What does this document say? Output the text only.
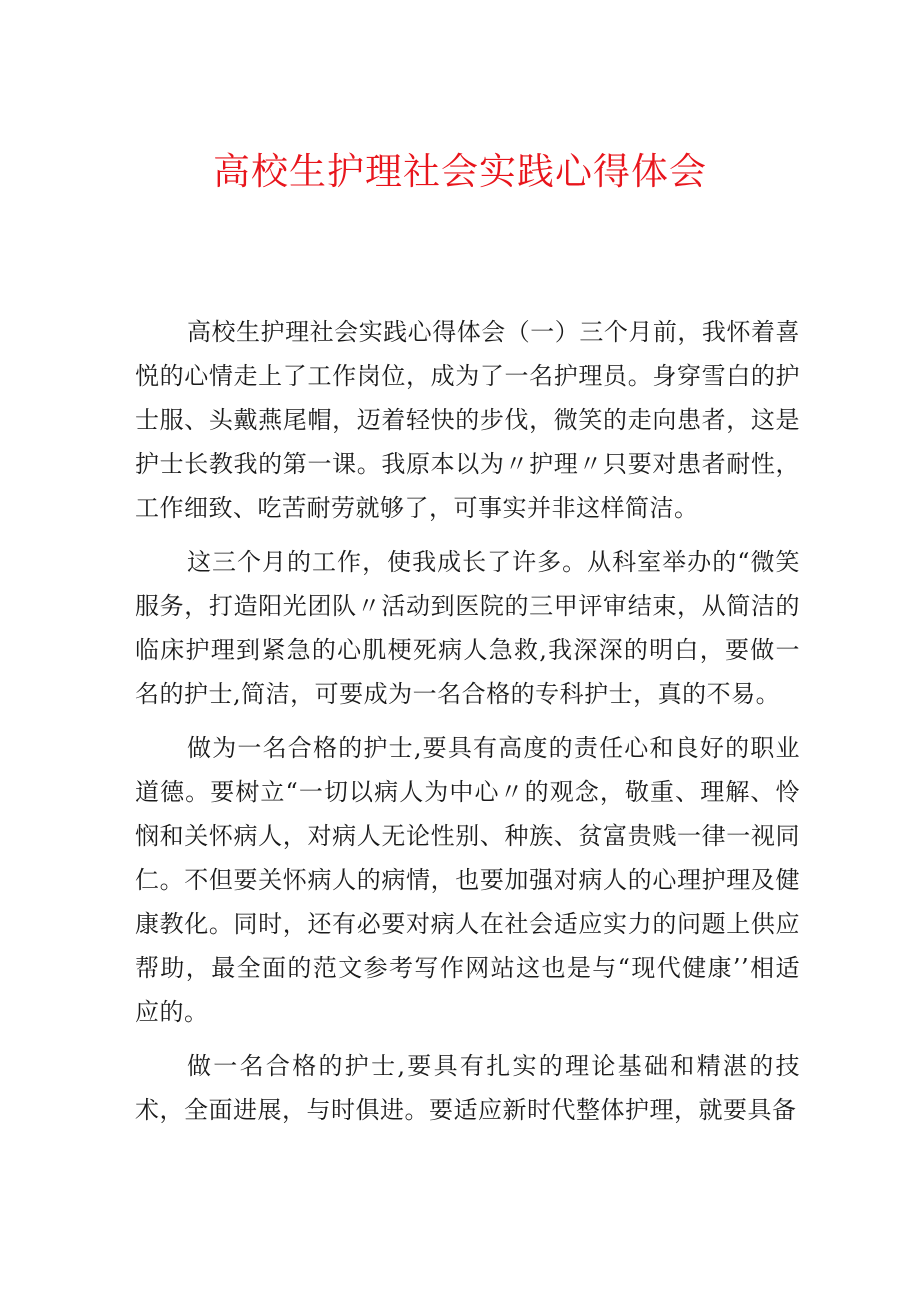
高校生护理社会实践心得体会

高校生护理社会实践心得体会（一）三个月前，我怀着喜悦的心情走上了工作岗位，成为了一名护理员。身穿雪白的护士服、头戴燕尾帽，迈着轻快的步伐，微笑的走向患者，这是护士长教我的第一课。我原本以为〃护理〃只要对患者耐性，工作细致、吃苦耐劳就够了，可事实并非这样简洁。

这三个月的工作，使我成长了许多。从科室举办的“微笑服务，打造阳光团队〃活动到医院的三甲评审结束，从简洁的临床护理到紧急的心肌梗死病人急救,我深深的明白，要做一名的护士,简洁，可要成为一名合格的专科护士，真的不易。

做为一名合格的护士,要具有高度的责任心和良好的职业道德。要树立“一切以病人为中心〃的观念，敬重、理解、怜悯和关怀病人，对病人无论性别、种族、贫富贵贱一律一视同仁。不但要关怀病人的病情，也要加强对病人的心理护理及健康教化。同时，还有必要对病人在社会适应实力的问题上供应帮助，最全面的范文参考写作网站这也是与“现代健康’’相适应的。

做一名合格的护士,要具有扎实的理论基础和精湛的技术，全面进展，与时俱进。要适应新时代整体护理，就要具备
